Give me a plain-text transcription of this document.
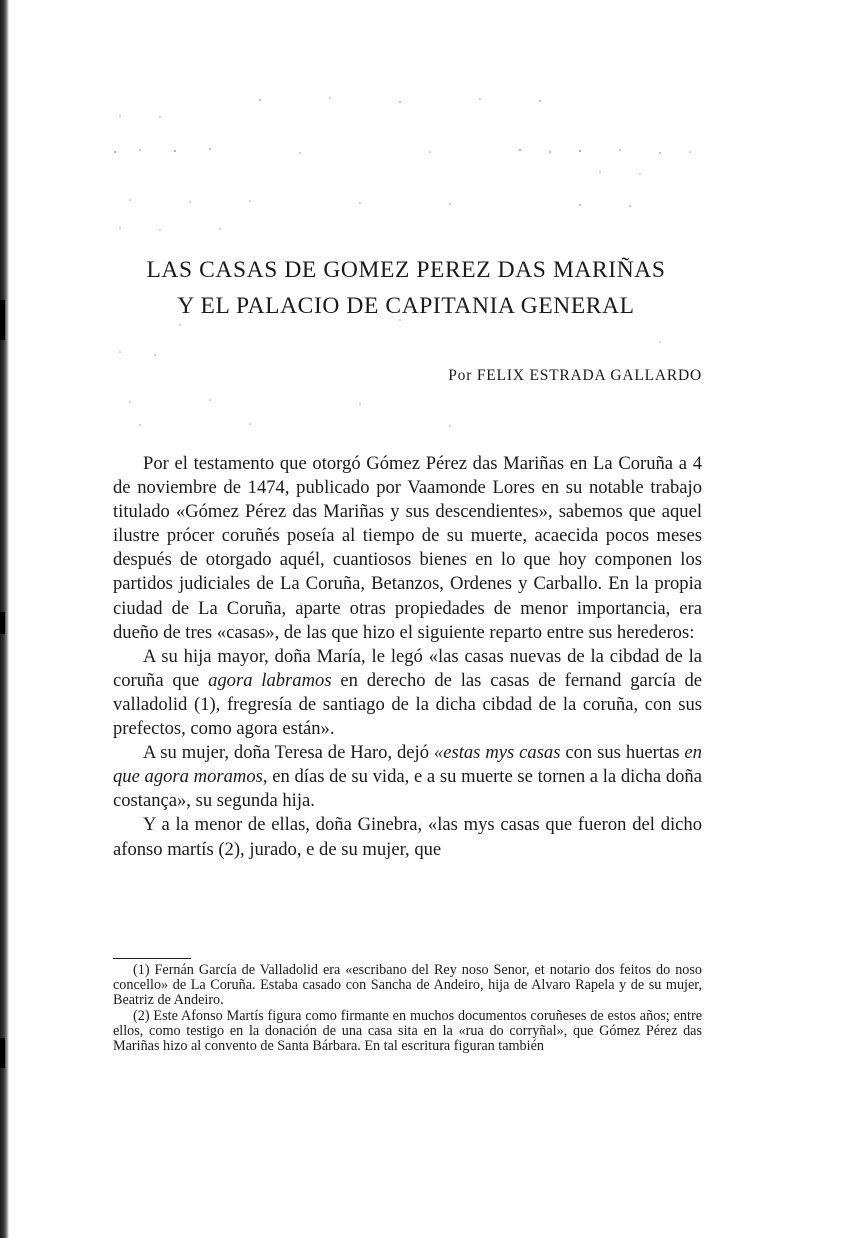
LAS CASAS DE GOMEZ PEREZ DAS MARIÑAS
Y EL PALACIO DE CAPITANIA GENERAL
Por FELIX ESTRADA GALLARDO

Por el testamento que otorgó Gómez Pérez das Mariñas en La Coruña a 4 de noviembre de 1474, publicado por Vaamonde Lores en su notable trabajo titulado «Gómez Pérez das Mariñas y sus descendientes», sabemos que aquel ilustre prócer coruñés poseía al tiempo de su muerte, acaecida pocos meses después de otorgado aquél, cuantiosos bienes en lo que hoy componen los partidos judiciales de La Coruña, Betanzos, Ordenes y Carballo. En la propia ciudad de La Coruña, aparte otras propiedades de menor importancia, era dueño de tres «casas», de las que hizo el siguiente reparto entre sus herederos:

A su hija mayor, doña María, le legó «las casas nuevas de la cibdad de la coruña que agora labramos en derecho de las casas de fernand garcía de valladolid (1), fregresía de santiago de la dicha cibdad de la coruña, con sus prefectos, como agora están».

A su mujer, doña Teresa de Haro, dejó «estas mys casas con sus huertas en que agora moramos, en días de su vida, e a su muerte se tornen a la dicha doña costança», su segunda hija.

Y a la menor de ellas, doña Ginebra, «las mys casas que fueron del dicho afonso martís (2), jurado, e de su mujer, que

(1) Fernán García de Valladolid era «escribano del Rey noso Senor, et notario dos feitos do noso concello» de La Coruña. Estaba casado con Sancha de Andeiro, hija de Alvaro Rapela y de su mujer, Beatriz de Andeiro.

(2) Este Afonso Martís figura como firmante en muchos documentos coruñeses de estos años; entre ellos, como testigo en la donación de una casa sita en la «rua do corryñal», que Gómez Pérez das Mariñas hizo al convento de Santa Bárbara. En tal escritura figuran también
